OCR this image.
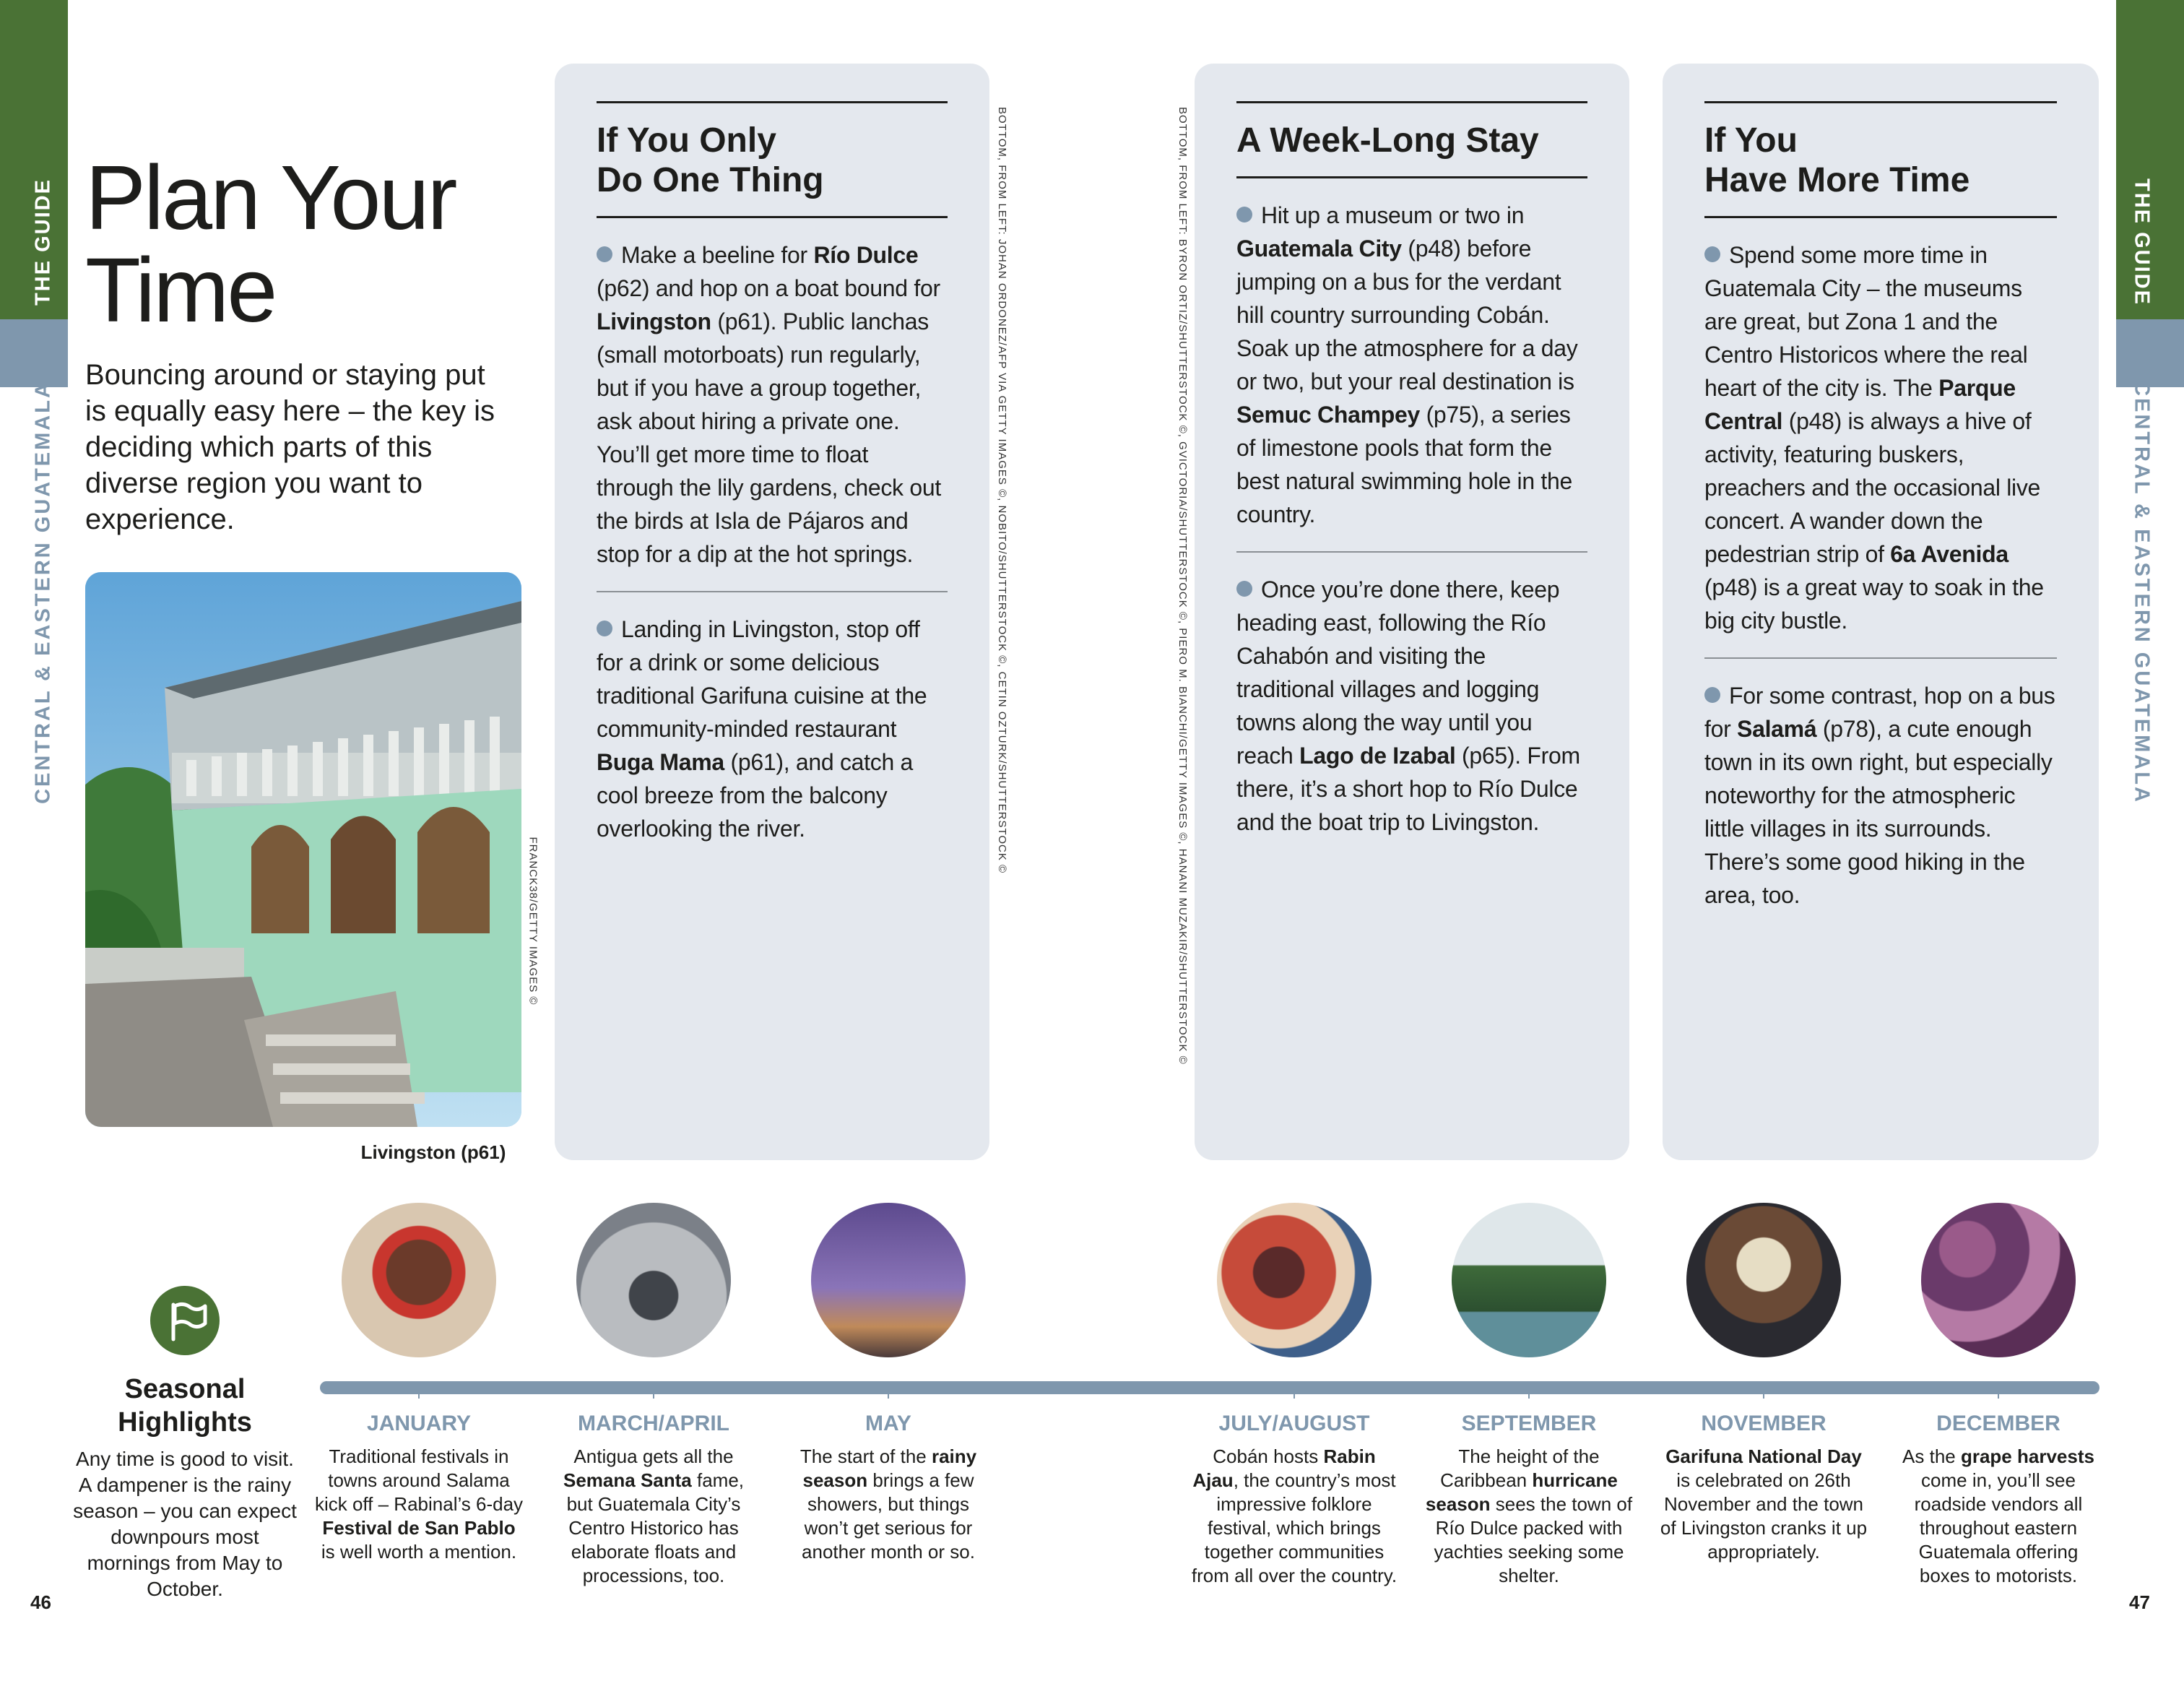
THE GUIDE	THE GUIDE
CENTRAL & EASTERN GUATEMALA	CENTRAL & EASTERN GUATEMALA
46	47
Plan Your
Time
Bouncing around or staying put is equally easy here – the key is deciding which parts of this diverse region you want to experience.
FRANCK38/GETTY IMAGES ©
Livingston (p61)
If You Only
Do One Thing
Make a beeline for Río Dulce (p62) and hop on a boat bound for Livingston (p61). Public lanchas (small motorboats) run regularly, but if you have a group together, ask about hiring a private one. You’ll get more time to float through the lily gardens, check out the birds at Isla de Pájaros and stop for a dip at the hot springs.
Landing in Livingston, stop off for a drink or some delicious traditional Garifuna cuisine at the community-minded restaurant Buga Mama (p61), and catch a cool breeze from the balcony overlooking the river.
A Week-Long Stay
Hit up a museum or two in Guatemala City (p48) before jumping on a bus for the verdant hill country surrounding Cobán. Soak up the atmosphere for a day or two, but your real destination is Semuc Champey (p75), a series of limestone pools that form the best natural swimming hole in the country.
Once you’re done there, keep heading east, following the Río Cahabón and visiting the traditional villages and logging towns along the way until you reach Lago de Izabal (p65). From there, it’s a short hop to Río Dulce and the boat trip to Livingston.
If You
Have More Time
Spend some more time in Guatemala City – the museums are great, but Zona 1 and the Centro Historicos where the real heart of the city is. The Parque Central (p48) is always a hive of activity, featuring buskers, preachers and the occasional live concert. A wander down the pedestrian strip of 6a Avenida (p48) is a great way to soak in the big city bustle.
For some contrast, hop on a bus for Salamá (p78), a cute enough town in its own right, but especially noteworthy for the atmospheric little villages in its surrounds. There’s some good hiking in the area, too.
BOTTOM, FROM LEFT: JOHAN ORDONEZ/AFP VIA GETTY IMAGES ©, NOBITO/SHUTTERSTOCK ©, CETIN OZTURK/SHUTTERSTOCK ©	BOTTOM, FROM LEFT: BYRON ORTIZ/SHUTTERSTOCK ©, GVICTORIA/SHUTTERSTOCK ©, PIERO M. BIANCHI/GETTY IMAGES ©, HANANI MUZAKIR/SHUTTERSTOCK ©
Seasonal
Highlights
Any time is good to visit. A dampener is the rainy season – you can expect downpours most mornings from May to October.
JANUARY
Traditional festivals in towns around Salama kick off – Rabinal’s 6-day Festival de San Pablo is well worth a mention.
MARCH/APRIL
Antigua gets all the Semana Santa fame, but Guatemala City’s Centro Historico has elaborate floats and processions, too.
MAY
The start of the rainy season brings a few showers, but things won’t get serious for another month or so.
JULY/AUGUST
Cobán hosts Rabin Ajau, the country’s most impressive folklore festival, which brings together communities from all over the country.
SEPTEMBER
The height of the Caribbean hurricane season sees the town of Río Dulce packed with yachties seeking some shelter.
NOVEMBER
Garifuna National Day is celebrated on 26th November and the town of Livingston cranks it up appropriately.
DECEMBER
As the grape harvests come in, you’ll see roadside vendors all throughout eastern Guatemala offering boxes to motorists.
